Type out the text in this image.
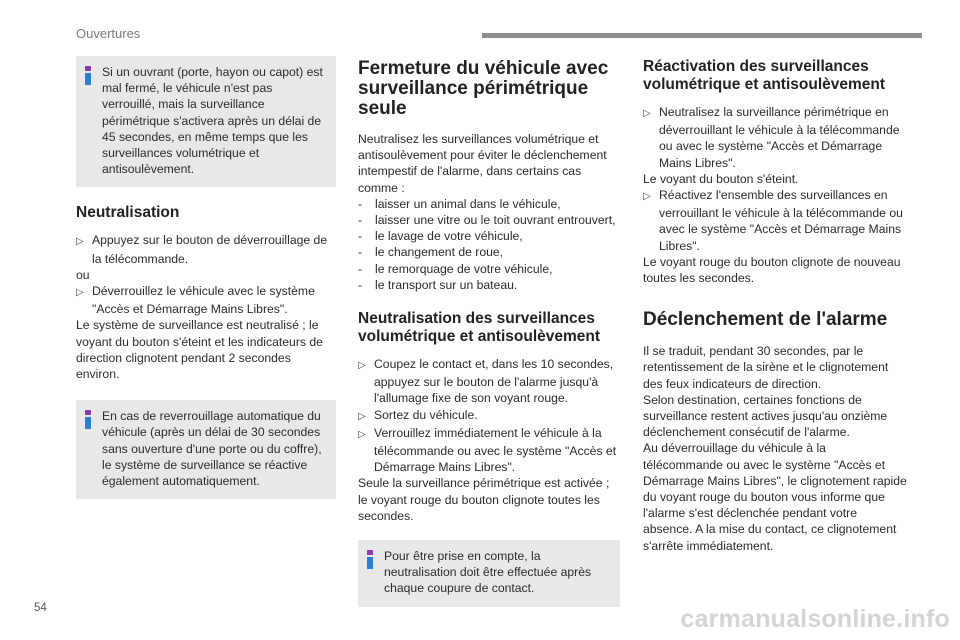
Ouvertures

Si un ouvrant (porte, hayon ou capot) est mal fermé, le véhicule n'est pas verrouillé, mais la surveillance périmétrique s'activera après un délai de 45 secondes, en même temps que les surveillances volumétrique et antisoulèvement.

Neutralisation

▷ Appuyez sur le bouton de déverrouillage de la télécommande.

ou

▷ Déverrouillez le véhicule avec le système "Accès et Démarrage Mains Libres".

Le système de surveillance est neutralisé ; le voyant du bouton s'éteint et les indicateurs de direction clignotent pendant 2 secondes environ.

En cas de reverrouillage automatique du véhicule (après un délai de 30 secondes sans ouverture d'une porte ou du coffre), le système de surveillance se réactive également automatiquement.

Fermeture du véhicule avec surveillance périmétrique seule

Neutralisez les surveillances volumétrique et antisoulèvement pour éviter le déclenchement intempestif de l'alarme, dans certains cas comme :

- laisser un animal dans le véhicule,
- laisser une vitre ou le toit ouvrant entrouvert,
- le lavage de votre véhicule,
- le changement de roue,
- le remorquage de votre véhicule,
- le transport sur un bateau.
Neutralisation des surveillances volumétrique et antisoulèvement

▷ Coupez le contact et, dans les 10 secondes, appuyez sur le bouton de l'alarme jusqu'à l'allumage fixe de son voyant rouge.

▷ Sortez du véhicule.

▷ Verrouillez immédiatement le véhicule à la télécommande ou avec le système "Accès et Démarrage Mains Libres".

Seule la surveillance périmétrique est activée ; le voyant rouge du bouton clignote toutes les secondes.

Pour être prise en compte, la neutralisation doit être effectuée après chaque coupure de contact.

Réactivation des surveillances volumétrique et antisoulèvement

▷ Neutralisez la surveillance périmétrique en déverrouillant le véhicule à la télécommande ou avec le système "Accès et Démarrage Mains Libres".

Le voyant du bouton s'éteint.

▷ Réactivez l'ensemble des surveillances en verrouillant le véhicule à la télécommande ou avec le système "Accès et Démarrage Mains Libres".

Le voyant rouge du bouton clignote de nouveau toutes les secondes.

Déclenchement de l'alarme

Il se traduit, pendant 30 secondes, par le retentissement de la sirène et le clignotement des feux indicateurs de direction.

Selon destination, certaines fonctions de surveillance restent actives jusqu'au onzième déclenchement consécutif de l'alarme.

Au déverrouillage du véhicule à la télécommande ou avec le système "Accès et Démarrage Mains Libres", le clignotement rapide du voyant rouge du bouton vous informe que l'alarme s'est déclenchée pendant votre absence. A la mise du contact, ce clignotement s'arrête immédiatement.

54	carmanualsonline.info
